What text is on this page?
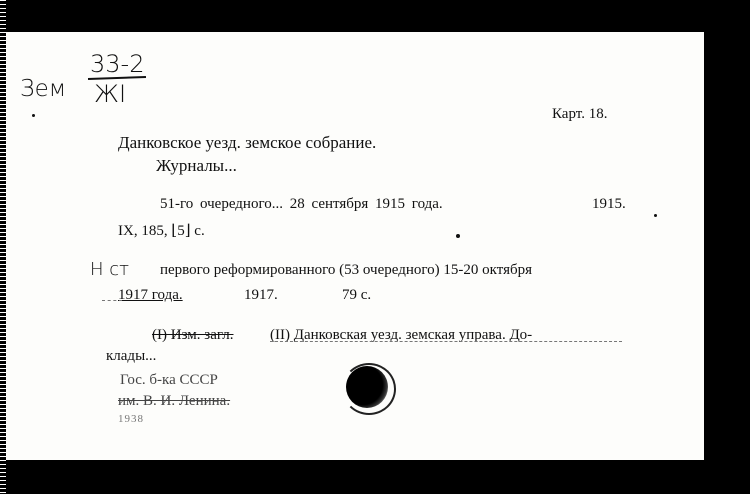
33-2
Зем ЖІ
Карт. 18.
Данковское уезд. земское собрание.
Журналы...
51-го очередного... 28 сентября 1915 года.	1915.
IX, 185, ⌊5⌋ с.
Н ст первого реформированного (53 очередного) 15-20 октября
1917 года.	1917.	79 с.
(I) Изм. загл. (II) Данковская уезд. земская управа. До-
клады...
Гос. б-ка СССР
им. В. И. Ленина.
1938
